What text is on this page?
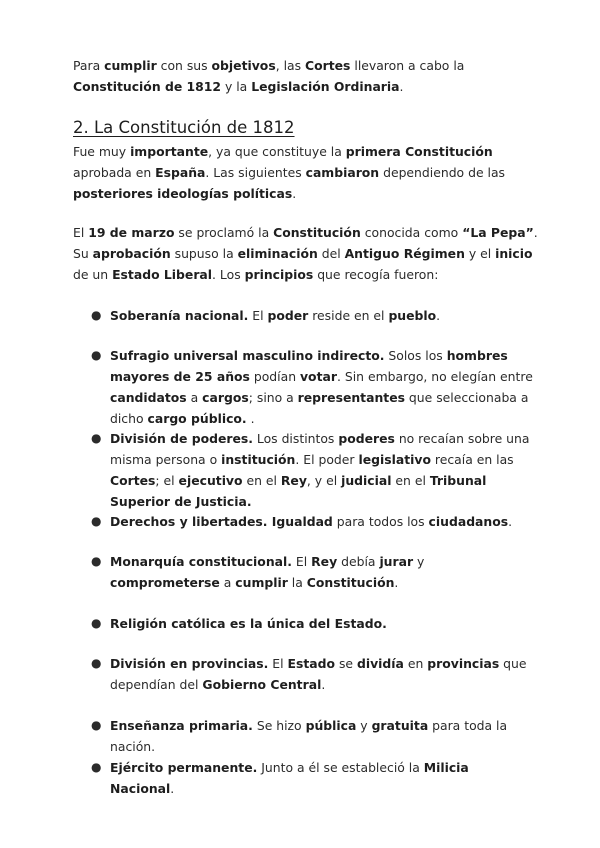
Para cumplir con sus objetivos, las Cortes llevaron a cabo la Constitución de 1812 y la Legislación Ordinaria.

2. La Constitución de 1812

Fue muy importante, ya que constituye la primera Constitución aprobada en España. Las siguientes cambiaron dependiendo de las posteriores ideologías políticas.

El 19 de marzo se proclamó la Constitución conocida como “La Pepa”. Su aprobación supuso la eliminación del Antiguo Régimen y el inicio de un Estado Liberal. Los principios que recogía fueron:

● Soberanía nacional. El poder reside en el pueblo.

● Sufragio universal masculino indirecto. Solos los hombres mayores de 25 años podían votar. Sin embargo, no elegían entre candidatos a cargos; sino a representantes que seleccionaba a dicho cargo público. .

● División de poderes. Los distintos poderes no recaían sobre una misma persona o institución. El poder legislativo recaía en las Cortes; el ejecutivo en el Rey, y el judicial en el Tribunal Superior de Justicia.

● Derechos y libertades. Igualdad para todos los ciudadanos.

● Monarquía constitucional. El Rey debía jurar y comprometerse a cumplir la Constitución.

● Religión católica es la única del Estado.

● División en provincias. El Estado se dividía en provincias que dependían del Gobierno Central.

● Enseñanza primaria. Se hizo pública y gratuita para toda la nación.

● Ejército permanente. Junto a él se estableció la Milicia Nacional.
